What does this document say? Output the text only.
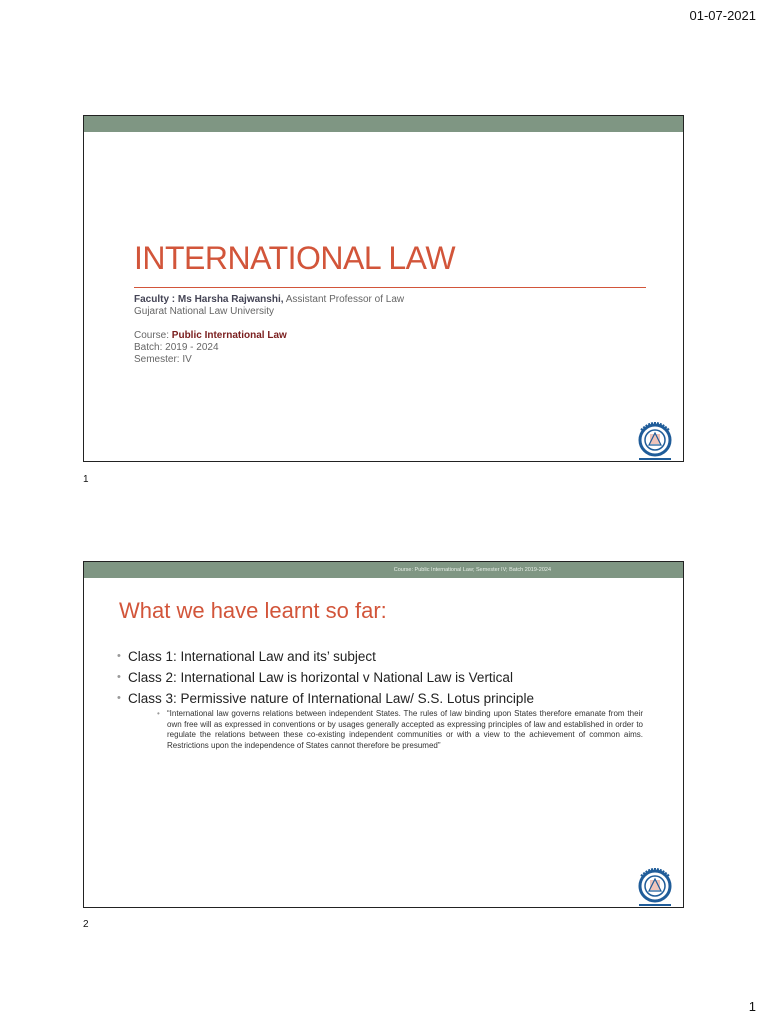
01-07-2021
INTERNATIONAL LAW
Faculty : Ms Harsha Rajwanshi, Assistant Professor of Law
Gujarat National Law University
Course: Public International Law
Batch: 2019 - 2024
Semester: IV
1
Course: Public International Law; Semester IV; Batch 2019-2024
What we have learnt so far:
• Class 1: International Law and its’ subject
• Class 2: International Law is horizontal v National Law is Vertical
• Class 3: Permissive nature of International Law/ S.S. Lotus principle
• “International law governs relations between independent States. The rules of law binding upon States therefore emanate from their own free will as expressed in conventions or by usages generally accepted as expressing principles of law and established in order to regulate the relations between these co-existing independent communities or with a view to the achievement of common aims. Restrictions upon the independence of States cannot therefore be presumed”
2
1
